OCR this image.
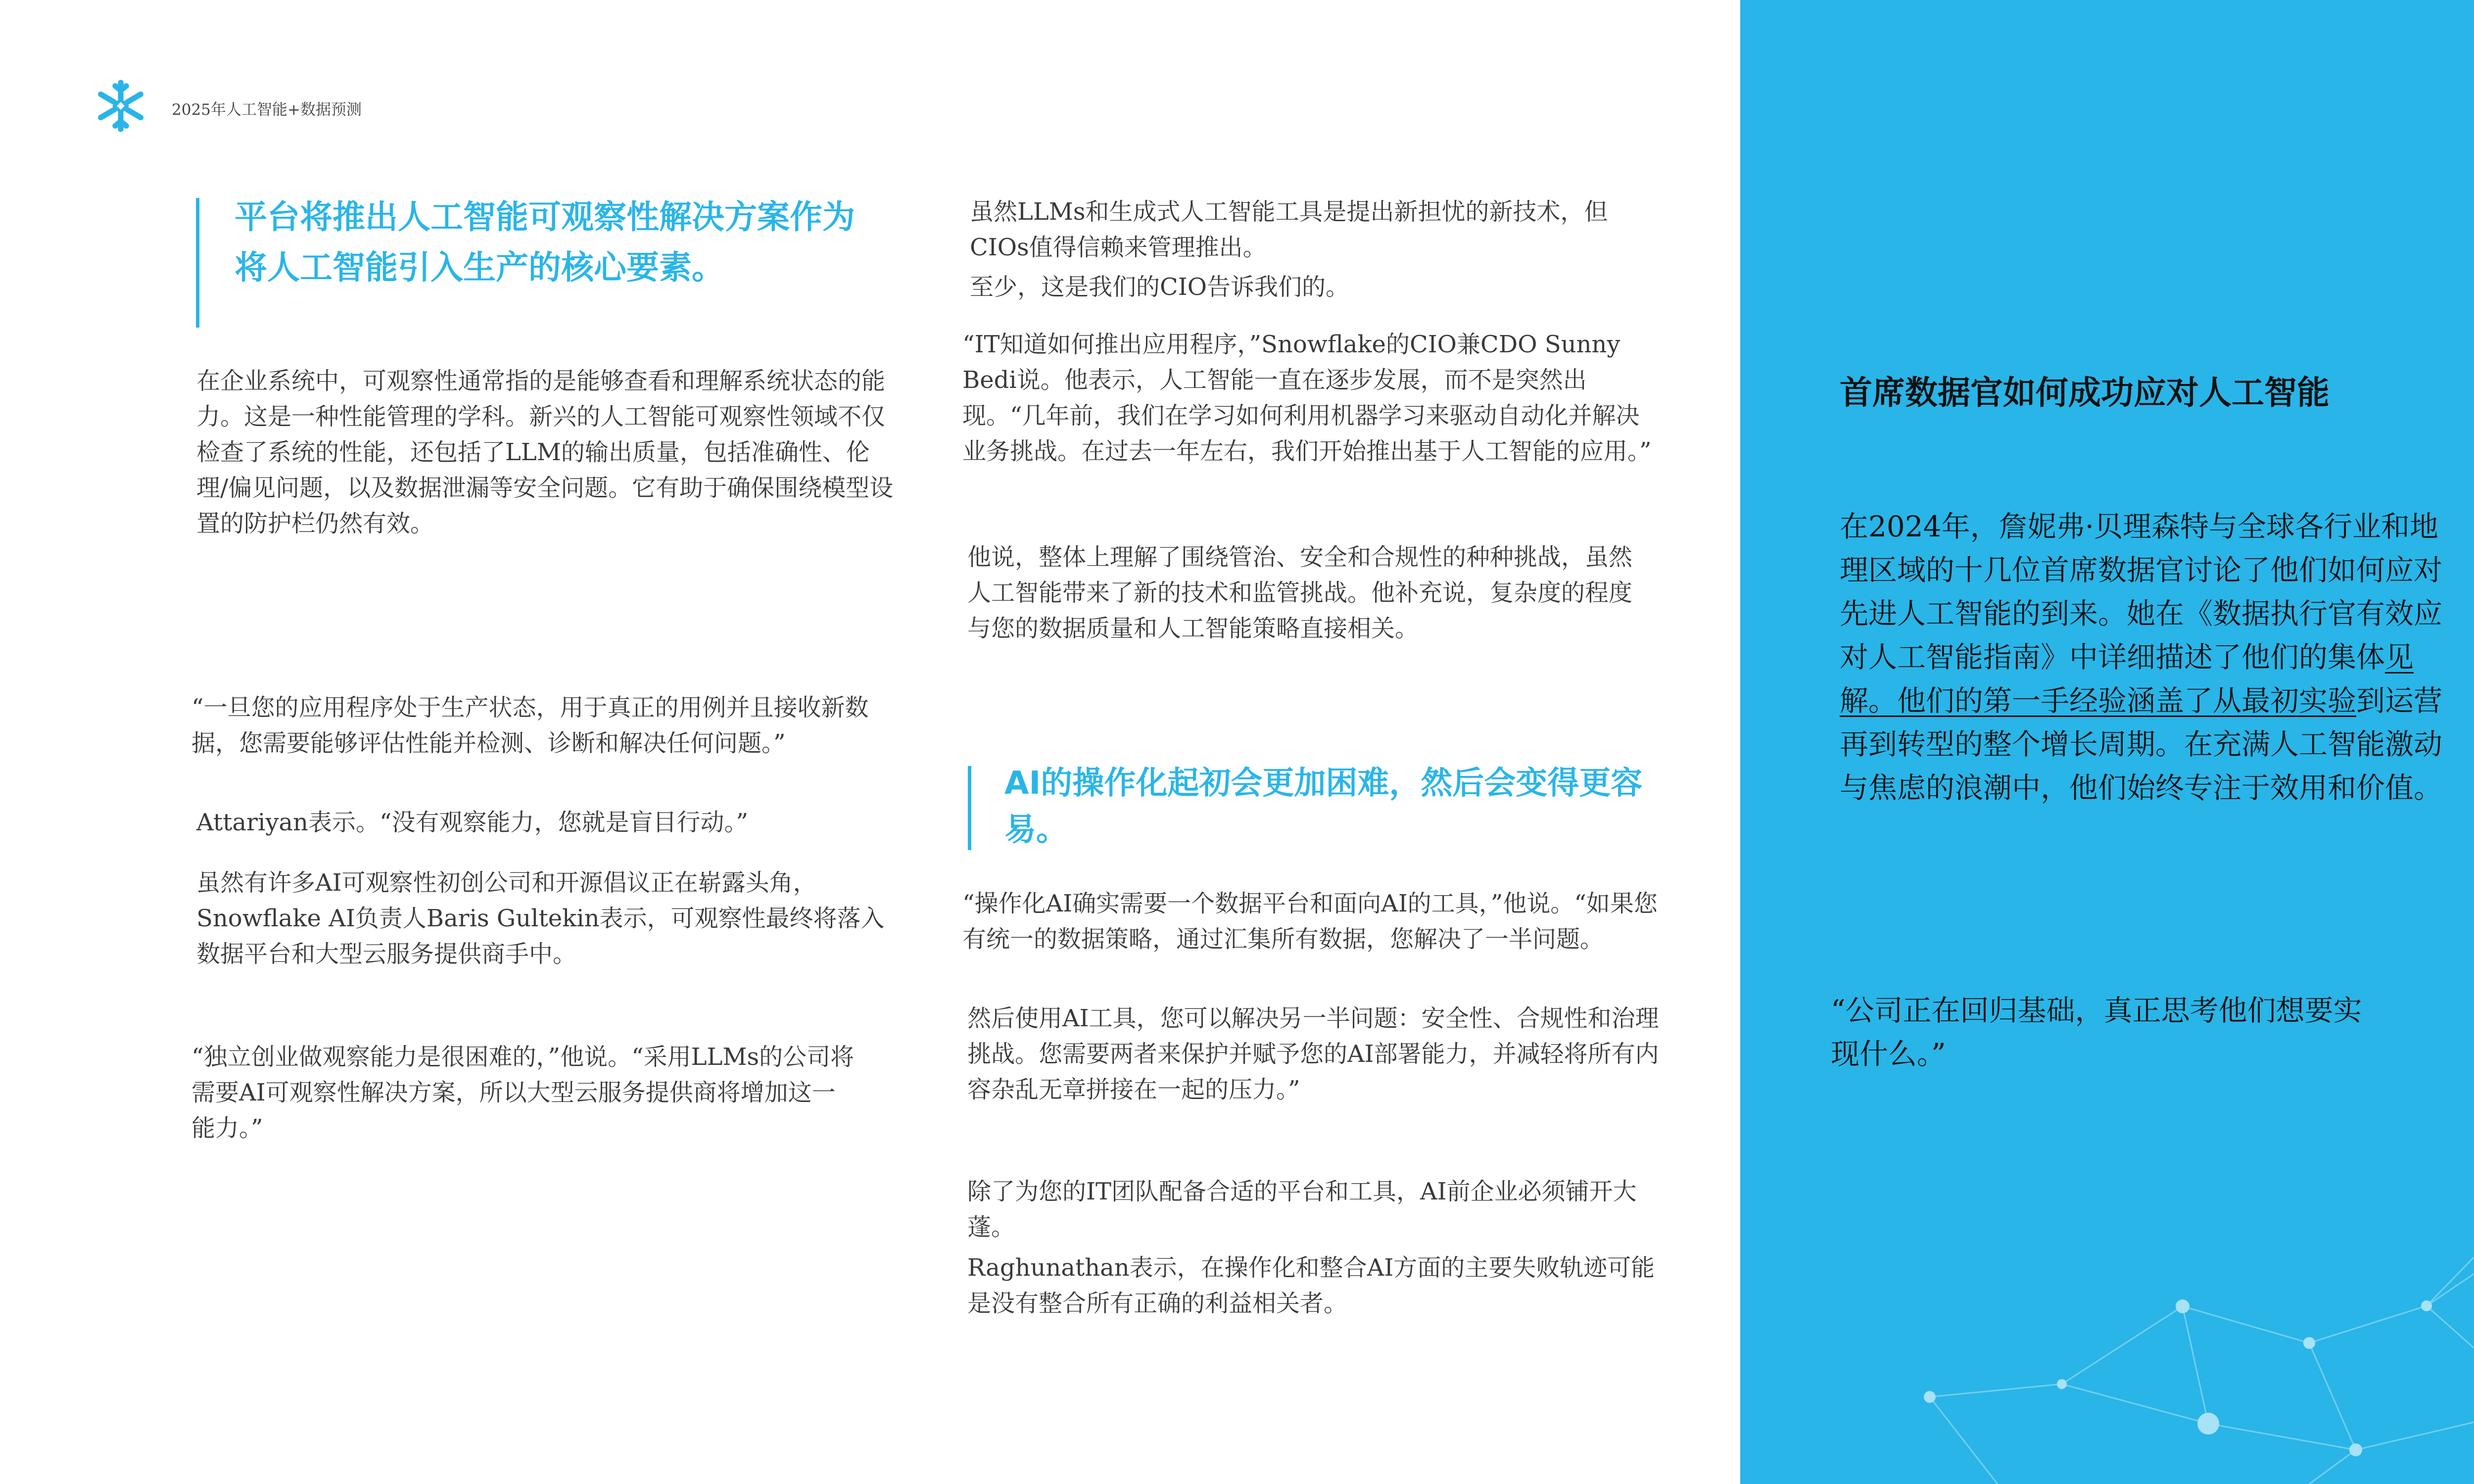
2025年人工智能+数据预测
平台将推出人工智能可观察性解决方案作为将人工智能引入生产的核心要素。

在企业系统中，可观察性通常指的是能够查看和理解系统状态的能力。这是一种性能管理的学科。新兴的人工智能可观察性领域不仅检查了系统的性能，还包括了LLM的输出质量，包括准确性、伦理/偏见问题，以及数据泄漏等安全问题。它有助于确保围绕模型设置的防护栏仍然有效。

“一旦您的应用程序处于生产状态，用于真正的用例并且接收新数据，您需要能够评估性能并检测、诊断和解决任何问题。”

Attariyan表示。“没有观察能力，您就是盲目行动。”

虽然有许多AI可观察性初创公司和开源倡议正在崭露头角，Snowflake AI负责人Baris Gultekin表示，可观察性最终将落入数据平台和大型云服务提供商手中。

“独立创业做观察能力是很困难的，”他说。“采用LLMs的公司将需要AI可观察性解决方案，所以大型云服务提供商将增加这一能力。”

虽然LLMs和生成式人工智能工具是提出新担忧的新技术，但CIOs值得信赖来管理推出。

至少，这是我们的CIO告诉我们的。

“IT知道如何推出应用程序，”Snowflake的CIO兼CDO Sunny Bedi说。他表示，人工智能一直在逐步发展，而不是突然出现。“几年前，我们在学习如何利用机器学习来驱动自动化并解决业务挑战。在过去一年左右，我们开始推出基于人工智能的应用。”

他说，整体上理解了围绕管治、安全和合规性的种种挑战，虽然人工智能带来了新的技术和监管挑战。他补充说，复杂度的程度与您的数据质量和人工智能策略直接相关。

AI的操作化起初会更加困难，然后会变得更容易。

“操作化AI确实需要一个数据平台和面向AI的工具，”他说。“如果您有统一的数据策略，通过汇集所有数据，您解决了一半问题。

然后使用AI工具，您可以解决另一半问题：安全性、合规性和治理挑战。您需要两者来保护并赋予您的AI部署能力，并减轻将所有内容杂乱无章拼接在一起的压力。”

除了为您的IT团队配备合适的平台和工具，AI前企业必须铺开大蓬。

Raghunathan表示，在操作化和整合AI方面的主要失败轨迹可能是没有整合所有正确的利益相关者。

首席数据官如何成功应对人工智能

在2024年，詹妮弗·贝理森特与全球各行业和地理区域的十几位首席数据官讨论了他们如何应对先进人工智能的到来。她在《数据执行官有效应对人工智能指南》中详细描述了他们的集体见解。他们的第一手经验涵盖了从最初实验到运营再到转型的整个增长周期。在充满人工智能激动与焦虑的浪潮中，他们始终专注于效用和价值。

“公司正在回归基础，真正思考他们想要实现什么。”
